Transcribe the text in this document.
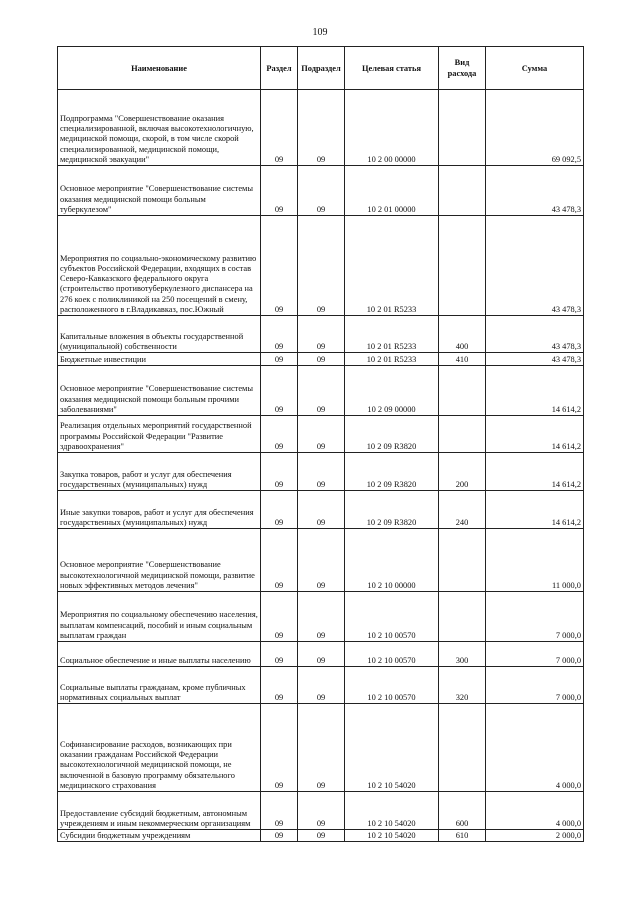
109
Наименование	Раздел	Подраздел	Целевая статья	Вид расхода	Сумма
Подпрограмма "Совершенствование оказания специализированной, включая высокотехнологичную, медицинской помощи, скорой, в том числе скорой специализированной, медицинской помощи, медицинской эвакуации"	09	09	10 2 00 00000		69 092,5
Основное мероприятие "Совершенствование системы оказания медицинской помощи больным туберкулезом"	09	09	10 2 01 00000		43 478,3
Мероприятия по социально-экономическому развитию субъектов Российской Федерации, входящих в состав Северо-Кавказского федерального округа (строительство противотуберкулезного диспансера на 276 коек с поликлиникой на 250 посещений в смену, расположенного в г.Владикавказ, пос.Южный	09	09	10 2 01 R5233		43 478,3
Капитальные вложения в объекты государственной (муниципальной) собственности	09	09	10 2 01 R5233	400	43 478,3
Бюджетные инвестиции	09	09	10 2 01 R5233	410	43 478,3
Основное мероприятие "Совершенствование системы оказания медицинской помощи больным прочими заболеваниями"	09	09	10 2 09 00000		14 614,2
Реализация отдельных мероприятий государственной программы Российской Федерации "Развитие здравоохранения"	09	09	10 2 09 R3820		14 614,2
Закупка товаров, работ и услуг для обеспечения государственных (муниципальных) нужд	09	09	10 2 09 R3820	200	14 614,2
Иные закупки товаров, работ и услуг для обеспечения государственных (муниципальных) нужд	09	09	10 2 09 R3820	240	14 614,2
Основное мероприятие "Совершенствование высокотехнологичной медицинской помощи, развитие новых эффективных методов лечения"	09	09	10 2 10 00000		11 000,0
Мероприятия по социальному обеспечению населения, выплатам компенсаций, пособий и иным социальным выплатам граждан	09	09	10 2 10 00570		7 000,0
Социальное обеспечение и иные выплаты населению	09	09	10 2 10 00570	300	7 000,0
Социальные выплаты гражданам, кроме публичных нормативных социальных выплат	09	09	10 2 10 00570	320	7 000,0
Софинансирование расходов, возникающих при оказании гражданам Российской Федерации высокотехнологичной медицинской помощи, не включенной в базовую программу обязательного медицинского страхования	09	09	10 2 10 54020		4 000,0
Предоставление субсидий бюджетным, автономным учреждениям и иным некоммерческим организациям	09	09	10 2 10 54020	600	4 000,0
Субсидии бюджетным учреждениям	09	09	10 2 10 54020	610	2 000,0
